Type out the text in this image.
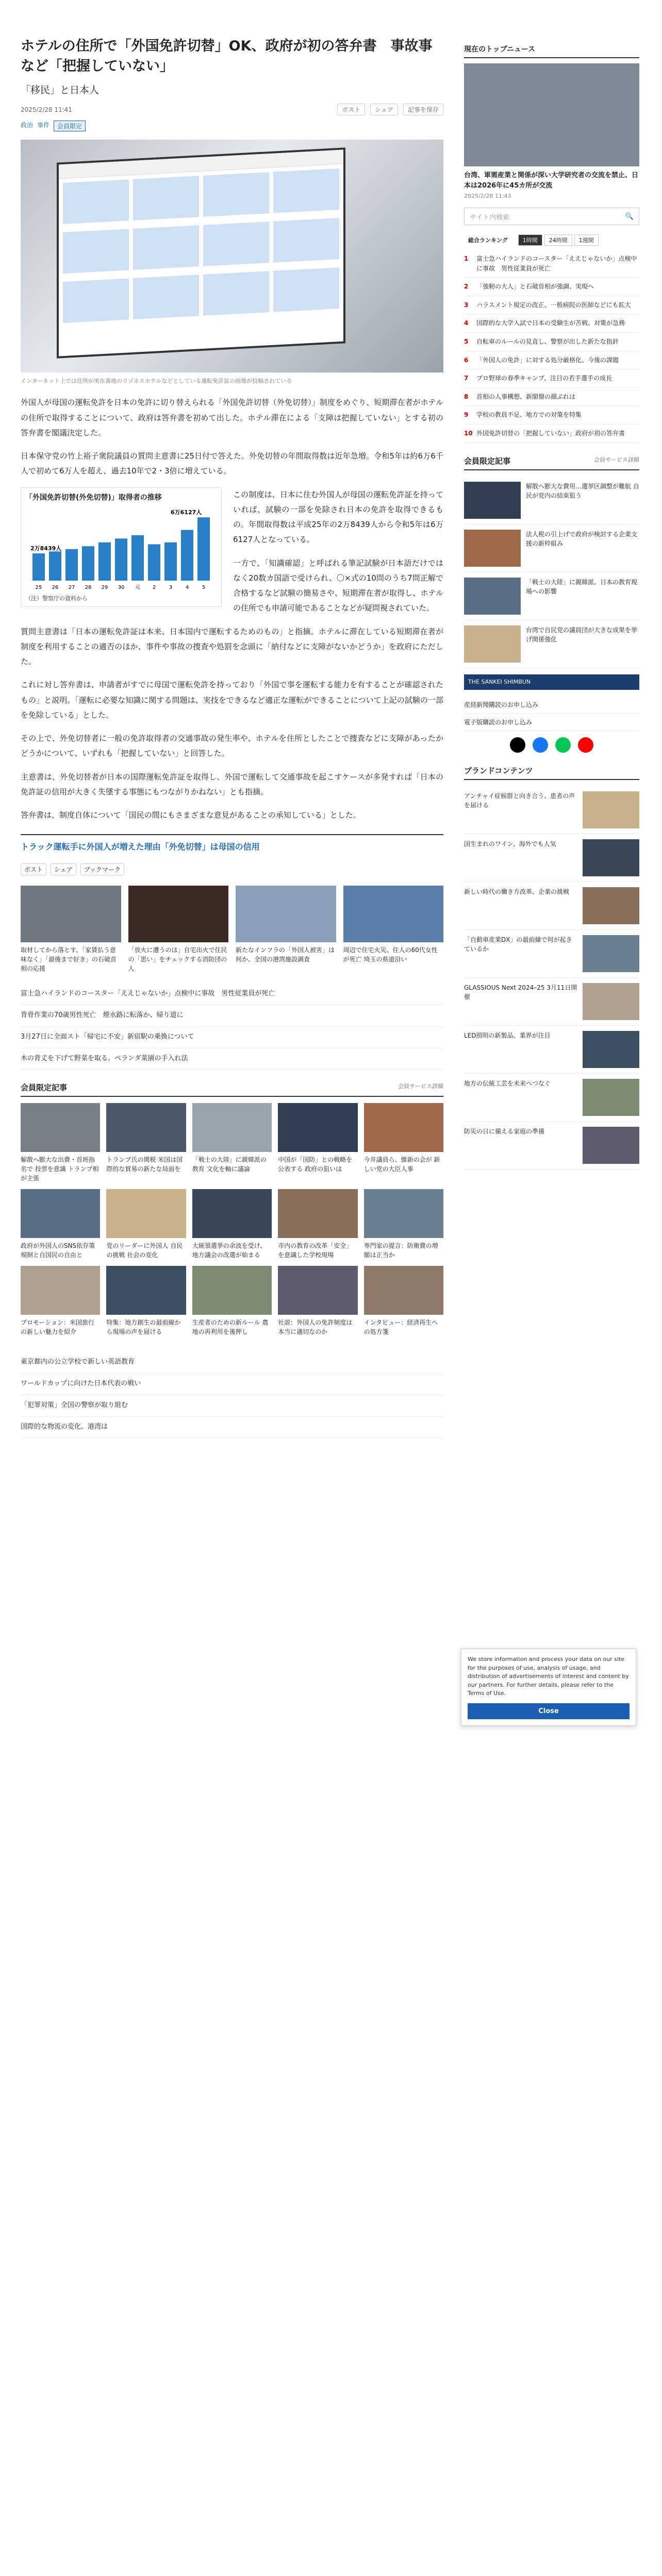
ホテルの住所で「外国免許切替」OK、政府が初の答弁書　事故事など「把握していない」
「移民」と日本人
2025/2/28 11:41	ポスト	シェア	記事を保存
政治 事件	会員限定
インターネット上では住所が実在番地のリゾネスホテルなどとしている運転免許証の画像が投稿されている

外国人が母国の運転免許を日本の免許に切り替えられる「外国免許切替（外免切替）」制度をめぐり、短期滞在者がホテルの住所で取得することについて、政府は答弁書を初めて出した。ホテル滞在による「支障は把握していない」とする初の答弁書を閣議決定した。

日本保守党の竹上裕子衆院議員の質問主意書に25日付で答えた。外免切替の年間取得数は近年急増。令和5年は約6万6千人で初めて6万人を超え、過去10年で2・3倍に増えている。

「外国免許切替(外免切替)」取得者の推移
25 26 27 28 29 30 元 2	3	4	5
2万8439人
6万6127人
（注）警察庁の資料から

この制度は、日本に住む外国人が母国の運転免許証を持っていれば、試験の一部を免除され日本の免許を取得できるもの。年間取得数は平成25年の2万8439人から令和5年は6万6127人となっている。

一方で、「知識確認」と呼ばれる筆記試験が日本語だけではなく20数カ国語で受けられ、〇×式の10問のうち7問正解で合格するなど試験の簡易さや、短期滞在者が取得し、ホテルの住所でも申請可能であることなどが疑問視されていた。

質問主意書は「日本の運転免許証は本来、日本国内で運転するためのもの」と指摘。ホテルに滞在している短期滞在者が制度を利用することの適否のほか、事件や事故の捜査や処罰を念頭に「納付などに支障がないかどうか」を政府にただした。

これに対し答弁書は、申請者がすでに母国で運転免許を持っており「外国で事を運転する能力を有することが確認されたもの」と説明。「運転に必要な知識に関する問題は、実技をできるなど適正な運転ができることについて上記の試験の一部を免除している」とした。

その上で、外免切替者に一般の免許取得者の交通事故の発生率や、ホテルを住所としたことで捜査などに支障があったかどうかについて、いずれも「把握していない」と回答した。

主意書は、外免切替者が日本の国際運転免許証を取得し、外国で運転して交通事故を起こすケースが多発すれば「日本の免許証の信用が大きく失墜する事態にもつながりかねない」とも指摘。

答弁書は、制度自体について「国民の間にもさまざまな意見があることの承知している」とした。

トラック運転手に外国人が増えた理由「外免切替」は母国の信用
ポスト	シェア	ブックマーク
取材してから落とす、「家賃払う意味なく」「最後まで好き」の石破首相の応援
「放火に遭うのは」自宅出火で住民の「思い」をチェックする消防団の人
新たなインフラの「外国人被害」は何か、全国の港湾施設調査
周辺で住宅火災、住人の60代女性が死亡 埼玉の県道沿い
富士急ハイランドのコースター「ええじゃないか」点検中に事故　男性従業員が死亡
背骨作業の70歳男性死亡　煙水路に転落か、帰り道に
3月27日に全面スト「帰宅に不安」新宿駅の乗換について
木の背丈を下げて野菜を取る。ベランダ菜園の手入れ法
会員限定記事	会員サービス詳細
解散へ膨大な出費・首班指名で 投票を意識 トランプ相が主張
トランプ氏の関税 米国は国際的な貿易の新たな局面を
「戦士の大陸」に親韓派の教育 文化を軸に議論
中国が「国防」との戦略を公表する 政府の狙いは
今井議員ら、維新の会が 新しい党の大臣人事
政府が外国人のSNS依存策 規制と自国民の自由と
党のリーダーに外国人 自民の挑戦 社会の変化
大統領選挙の余波を受け、地方議会の改選が始まる
市内の教育の改革「安全」を意識した学校現場
専門家の提言：防衛費の増額は正当か
プロモーション：米国旅行の新しい魅力を紹介
特集：地方創生の最前線から現場の声を届ける
生産者のための新ルール 農地の再利用を後押し
社説：外国人の免許制度は本当に適切なのか
インタビュー：経済再生への処方箋
東京都内の公立学校で新しい英語教育
ワールドカップに向けた日本代表の戦い
「犯罪対策」全国の警察が取り組む
国際的な物流の変化、港湾は
現在のトップニュース
台湾、軍需産業と関係が深い大学研究者の交流を禁止、日本は2026年に45カ所が交流
2025/2/28 11:43
サイト内検索	🔍
総合ランキング	1時間	24時間	1週間
1 富士急ハイランドのコースター「ええじゃないか」点検中に事故　男性従業員が死亡
2 「強靭の大人」と石破首相が強調、実現へ
3 ハラスメント規定の改正、一般病院の医師などにも拡大
4 国際的な大学入試で日本の受験生が苦戦、対策が急務
5 自転車のルールの見直し、警察が出した新たな指針
6 「外国人の免許」に対する処分厳格化、今後の課題
7 プロ野球の春季キャンプ、注目の若手選手の成長
8 首相の人事構想、新閣僚の顔ぶれは
9 学校の教員不足、地方での対策を特集
10 外国免許切替の「把握していない」政府が初の答弁書
会員限定記事	会員サービス詳細
解散へ膨大な費用…選挙区調整が難航 自民が党内の結束狙う
法人税の引上げで政府が検討する企業支援の新枠組み
「戦士の大陸」に親韓派、日本の教育現場への影響
台湾で自民党の議員団が大きな成果を挙げ関係強化
THE SANKEI SHIMBUN
産経新聞購読のお申し込み
電子版購読のお申し込み
ブランドコンテンツ
アンチャイ症候群と向き合う、患者の声を届ける
国生まれのワイン、海外でも人気
新しい時代の働き方改革、企業の挑戦
「自動車産業DX」の最前線で何が起きているか
GLASSIOUS Next 2024–25 3月11日開催
LED照明の新製品、業界が注目
地方の伝統工芸を未来へつなぐ
防災の日に備える家庭の準備

We store information and process your data on our site for the purposes of use, analysis of usage, and distribution of advertisements of interest and content by our partners. For further details, please refer to the Terms of Use.

Close
